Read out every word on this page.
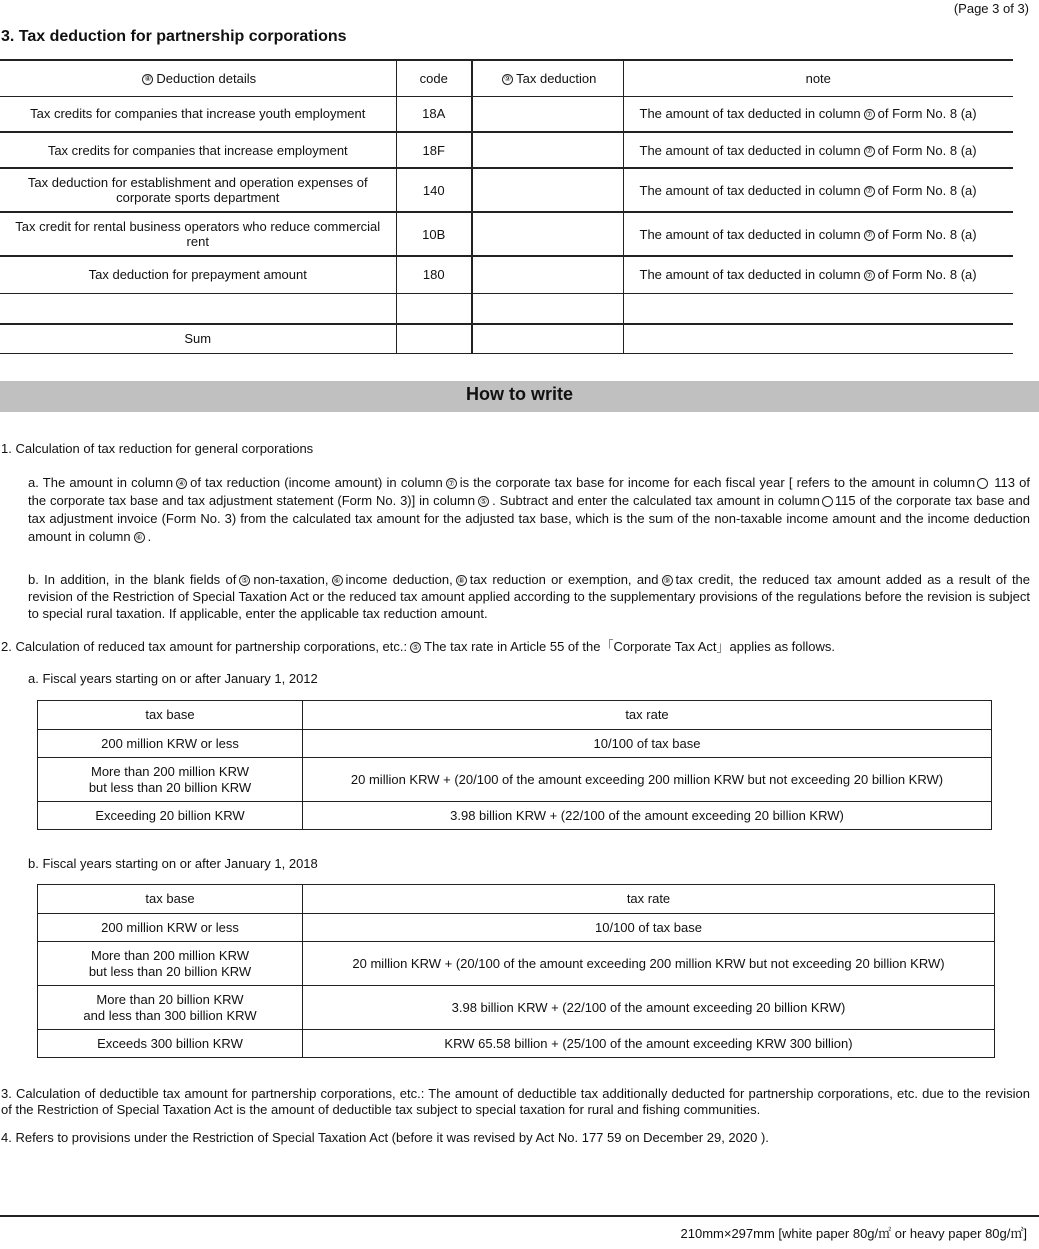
(Page 3 of 3)
3. Tax deduction for partnership corporations
⑧ Deduction details	code	⑨ Tax deduction	note
Tax credits for companies that increase youth employment	18A		The amount of tax deducted in column ⑦ of Form No. 8 (a)
Tax credits for companies that increase employment	18F		The amount of tax deducted in column ⑦ of Form No. 8 (a)
Tax deduction for establishment and operation expenses of corporate sports department	140		The amount of tax deducted in column ⑦ of Form No. 8 (a)
Tax credit for rental business operators who reduce commercial rent	10B		The amount of tax deducted in column ⑦ of Form No. 8 (a)
Tax deduction for prepayment amount	180		The amount of tax deducted in column ⑦ of Form No. 8 (a)

Sum			
How to write
1. Calculation of tax reduction for general corporations
a. The amount in column ④ of tax reduction (income amount) in column ⑦ is the corporate tax base for income for each fiscal year [ refers to the amount in column 113 of the corporate tax base and tax adjustment statement (Form No. 3)] in column ⑤ . Subtract and enter the calculated tax amount in column 115 of the corporate tax base and tax adjustment invoice (Form No. 3) from the calculated tax amount for the adjusted tax base, which is the sum of the non-taxable income amount and the income deduction amount in column ⑥ .
b. In addition, in the blank fields of ⑤ non-taxation, ⑥ income deduction, ⑧ tax reduction or exemption, and ⑨ tax credit, the reduced tax amount added as a result of the revision of the Restriction of Special Taxation Act or the reduced tax amount applied according to the supplementary provisions of the regulations before the revision is subject to special rural taxation. If applicable, enter the applicable tax reduction amount.
2. Calculation of reduced tax amount for partnership corporations, etc.: ⑤ The tax rate in Article 55 of the「Corporate Tax Act」applies as follows.
a. Fiscal years starting on or after January 1, 2012
tax base	tax rate
200 million KRW or less	10/100 of tax base

More than 200 million KRW
but less than 20 billion KRW	20 million KRW + (20/100 of the amount exceeding 200 million KRW but not exceeding 20 billion KRW)
Exceeding 20 billion KRW	3.98 billion KRW + (22/100 of the amount exceeding 20 billion KRW)
b. Fiscal years starting on or after January 1, 2018
tax base	tax rate
200 million KRW or less	10/100 of tax base

More than 200 million KRW
but less than 20 billion KRW	20 million KRW + (20/100 of the amount exceeding 200 million KRW but not exceeding 20 billion KRW)

More than 20 billion KRW
and less than 300 billion KRW	3.98 billion KRW + (22/100 of the amount exceeding 20 billion KRW)
Exceeds 300 billion KRW	KRW 65.58 billion + (25/100 of the amount exceeding KRW 300 billion)
3. Calculation of deductible tax amount for partnership corporations, etc.: The amount of deductible tax additionally deducted for partnership corporations, etc. due to the revision of the Restriction of Special Taxation Act is the amount of deductible tax subject to special taxation for rural and fishing communities.
4. Refers to provisions under the Restriction of Special Taxation Act (before it was revised by Act No. 177 59 on December 29, 2020 ).
210mm×297mm [white paper 80g/㎡ or heavy paper 80g/㎡]
